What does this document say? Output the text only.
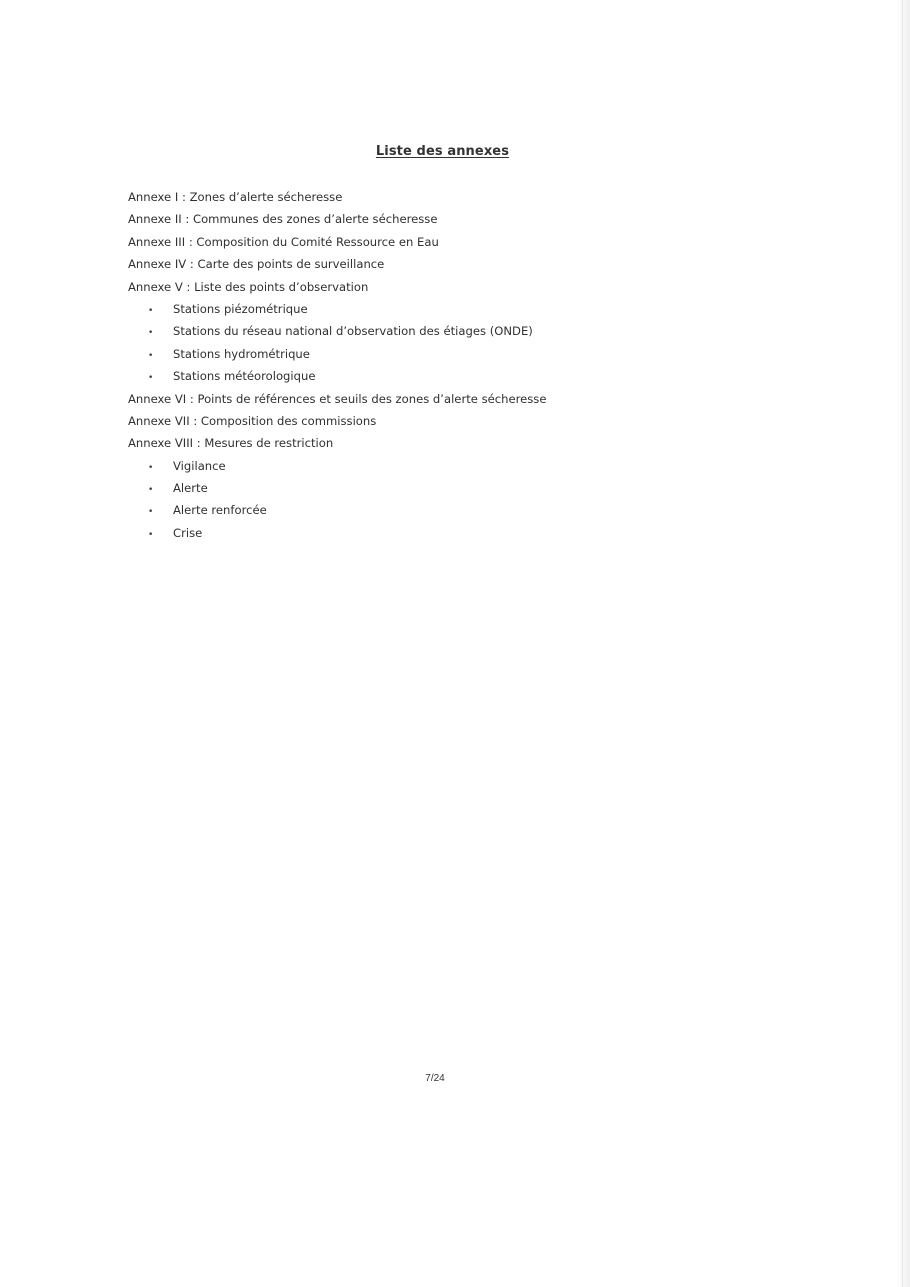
Liste des annexes
Annexe I : Zones d’alerte sécheresse
Annexe II : Communes des zones d’alerte sécheresse
Annexe III : Composition du Comité Ressource en Eau
Annexe IV : Carte des points de surveillance
Annexe V : Liste des points d’observation
• Stations piézométrique
• Stations du réseau national d’observation des étiages (ONDE)
• Stations hydrométrique
• Stations météorologique
Annexe VI : Points de références et seuils des zones d’alerte sécheresse
Annexe VII : Composition des commissions
Annexe VIII : Mesures de restriction
• Vigilance
• Alerte
• Alerte renforcée
• Crise
7/24
